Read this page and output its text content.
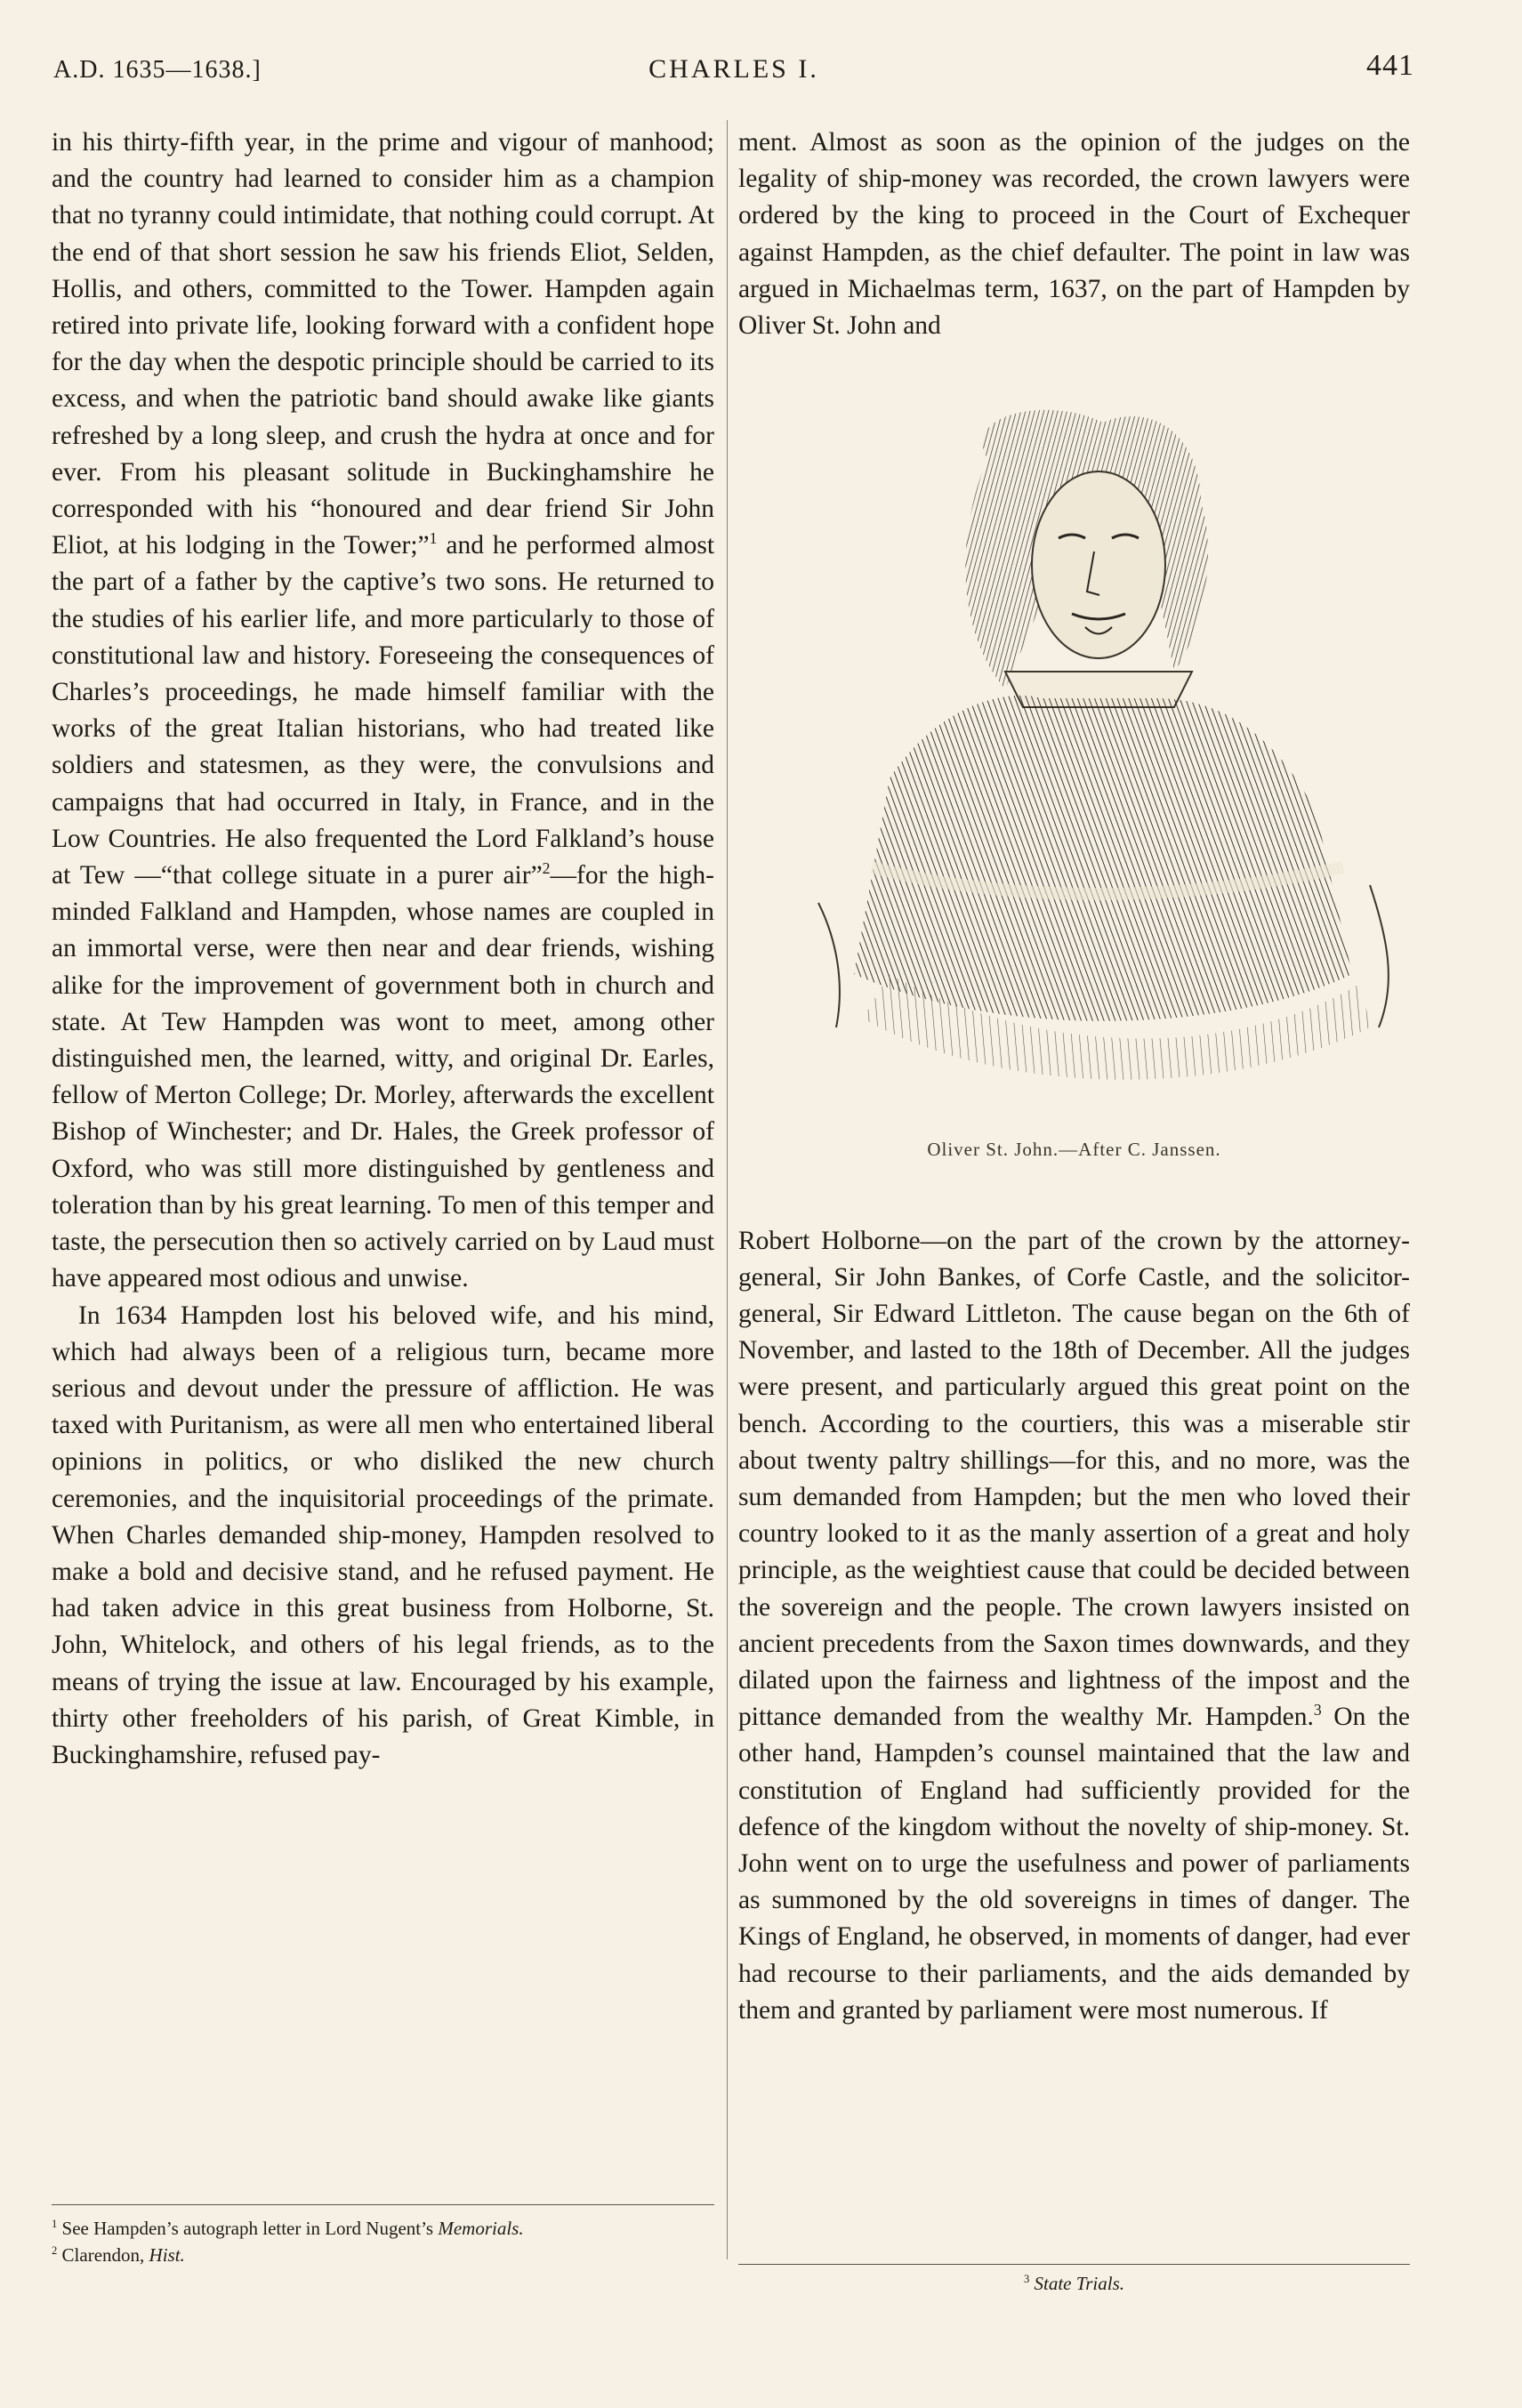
A.D. 1635—1638.]	CHARLES I.	441

in his thirty-fifth year, in the prime and vigour of manhood; and the country had learned to consider him as a champion that no tyranny could intimidate, that nothing could corrupt. At the end of that short session he saw his friends Eliot, Selden, Hollis, and others, committed to the Tower. Hampden again retired into private life, looking forward with a confident hope for the day when the despotic principle should be carried to its excess, and when the patriotic band should awake like giants refreshed by a long sleep, and crush the hydra at once and for ever. From his pleasant solitude in Buckinghamshire he corresponded with his “honoured and dear friend Sir John Eliot, at his lodging in the Tower;”$^1$ and he performed almost the part of a father by the captive’s two sons. He returned to the studies of his earlier life, and more particularly to those of constitutional law and history. Foreseeing the consequences of Charles’s proceedings, he made himself familiar with the works of the great Italian historians, who had treated like soldiers and statesmen, as they were, the convulsions and campaigns that had occurred in Italy, in France, and in the Low Countries. He also frequented the Lord Falkland’s house at Tew —“that college situate in a purer air”$^2$—for the high-minded Falkland and Hampden, whose names are coupled in an immortal verse, were then near and dear friends, wishing alike for the improvement of government both in church and state. At Tew Hampden was wont to meet, among other distinguished men, the learned, witty, and original Dr. Earles, fellow of Merton College; Dr. Morley, afterwards the excellent Bishop of Winchester; and Dr. Hales, the Greek professor of Oxford, who was still more distinguished by gentleness and toleration than by his great learning. To men of this temper and taste, the persecution then so actively carried on by Laud must have appeared most odious and unwise.

In 1634 Hampden lost his beloved wife, and his mind, which had always been of a religious turn, became more serious and devout under the pressure of affliction. He was taxed with Puritanism, as were all men who entertained liberal opinions in politics, or who disliked the new church ceremonies, and the inquisitorial proceedings of the primate. When Charles demanded ship-money, Hampden resolved to make a bold and decisive stand, and he refused payment. He had taken advice in this great business from Holborne, St. John, Whitelock, and others of his legal friends, as to the means of trying the issue at law. Encouraged by his example, thirty other freeholders of his parish, of Great Kimble, in Buckinghamshire, refused pay-

ment. Almost as soon as the opinion of the judges on the legality of ship-money was recorded, the crown lawyers were ordered by the king to proceed in the Court of Exchequer against Hampden, as the chief defaulter. The point in law was argued in Michaelmas term, 1637, on the part of Hampden by Oliver St. John and

Oliver St. John.—After C. Janssen.

Robert Holborne—on the part of the crown by the attorney-general, Sir John Bankes, of Corfe Castle, and the solicitor-general, Sir Edward Littleton. The cause began on the 6th of November, and lasted to the 18th of December. All the judges were present, and particularly argued this great point on the bench. According to the courtiers, this was a miserable stir about twenty paltry shillings—for this, and no more, was the sum demanded from Hampden; but the men who loved their country looked to it as the manly assertion of a great and holy principle, as the weightiest cause that could be decided between the sovereign and the people. The crown lawyers insisted on ancient precedents from the Saxon times downwards, and they dilated upon the fairness and lightness of the impost and the pittance demanded from the wealthy Mr. Hampden.$^3$ On the other hand, Hampden’s counsel maintained that the law and constitution of England had sufficiently provided for the defence of the kingdom without the novelty of ship-money. St. John went on to urge the usefulness and power of parliaments as summoned by the old sovereigns in times of danger. The Kings of England, he observed, in moments of danger, had ever had recourse to their parliaments, and the aids demanded by them and granted by parliament were most numerous. If

$^1$ See Hampden’s autograph letter in Lord Nugent’s Memorials.
$^2$ Clarendon, Hist.
$^3$ State Trials.
